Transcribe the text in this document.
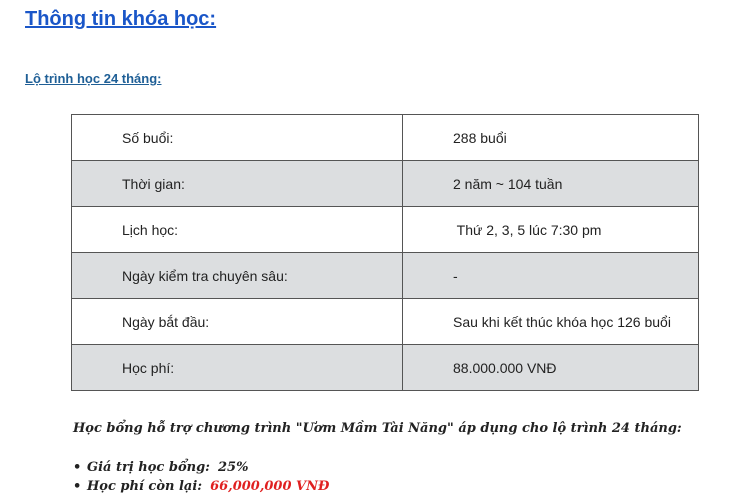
Thông tin khóa học:
Lộ trình học 24 tháng:
Số buổi:	288 buổi
Thời gian:	2 năm ~ 104 tuần
Lịch học:	Thứ 2, 3, 5 lúc 7:30 pm
Ngày kiểm tra chuyên sâu:	-
Ngày bắt đầu:	Sau khi kết thúc khóa học 126 buổi
Học phí:	88.000.000 VNĐ

Học bổng hỗ trợ chương trình "Ươm Mầm Tài Năng" áp dụng cho lộ trình 24 tháng:

• Giá trị học bổng: 25%
• Học phí còn lại: 66,000,000 VNĐ
